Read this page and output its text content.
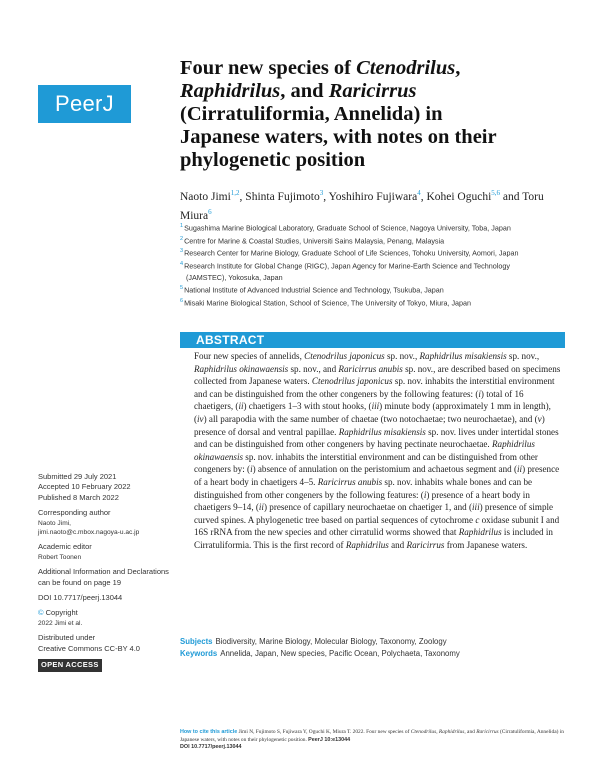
PeerJ
Four new species of Ctenodrilus, Raphidrilus, and Raricirrus (Cirratuliformia, Annelida) in Japanese waters, with notes on their phylogenetic position
Naoto Jimi$^{1,2}$, Shinta Fujimoto$^3$, Yoshihiro Fujiwara$^4$, Kohei Oguchi$^{5,6}$ and Toru Miura$^6$
$^1$Sugashima Marine Biological Laboratory, Graduate School of Science, Nagoya University, Toba, Japan
$^2$Centre for Marine & Coastal Studies, Universiti Sains Malaysia, Penang, Malaysia
$^3$Research Center for Marine Biology, Graduate School of Life Sciences, Tohoku University, Aomori, Japan
$^4$Research Institute for Global Change (RIGC), Japan Agency for Marine-Earth Science and Technology (JAMSTEC), Yokosuka, Japan
$^5$National Institute of Advanced Industrial Science and Technology, Tsukuba, Japan
$^6$Misaki Marine Biological Station, School of Science, The University of Tokyo, Miura, Japan
ABSTRACT
Four new species of annelids, Ctenodrilus japonicus sp. nov., Raphidrilus misakiensis sp. nov., Raphidrilus okinawaensis sp. nov., and Raricirrus anubis sp. nov., are described based on specimens collected from Japanese waters. Ctenodrilus japonicus sp. nov. inhabits the interstitial environment and can be distinguished from the other congeners by the following features: (i) total of 16 chaetigers, (ii) chaetigers 1–3 with stout hooks, (iii) minute body (approximately 1 mm in length), (iv) all parapodia with the same number of chaetae (two notochaetae; two neurochaetae), and (v) presence of dorsal and ventral papillae. Raphidrilus misakiensis sp. nov. lives under intertidal stones and can be distinguished from other congeners by having pectinate neurochaetae. Raphidrilus okinawaensis sp. nov. inhabits the interstitial environment and can be distinguished from other congeners by: (i) absence of annulation on the peristomium and achaetous segment and (ii) presence of a heart body in chaetigers 4–5. Raricirrus anubis sp. nov. inhabits whale bones and can be distinguished from other congeners by the following features: (i) presence of a heart body in chaetigers 9–14, (ii) presence of capillary neurochaetae on chaetiger 1, and (iii) presence of simple curved spines. A phylogenetic tree based on partial sequences of cytochrome c oxidase subunit I and 16S rRNA from the new species and other cirratulid worms showed that Raphidrilus is included in Cirratuliformia. This is the first record of Raphidrilus and Raricirrus from Japanese waters.
Submitted 29 July 2021
Accepted 10 February 2022
Published 8 March 2022
Corresponding author
Naoto Jimi,
jimi.naoto@c.mbox.nagoya-u.ac.jp
Academic editor
Robert Toonen
Additional Information and Declarations can be found on page 19
DOI 10.7717/peerj.13044
© Copyright
2022 Jimi et al.
Distributed under
Creative Commons CC-BY 4.0
OPEN ACCESS
Subjects Biodiversity, Marine Biology, Molecular Biology, Taxonomy, Zoology
Keywords Annelida, Japan, New species, Pacific Ocean, Polychaeta, Taxonomy
How to cite this article Jimi N, Fujimoto S, Fujiwara Y, Oguchi K, Miura T. 2022. Four new species of Ctenodrilus, Raphidrilus, and Raricirrus (Cirratuliformia, Annelida) in Japanese waters, with notes on their phylogenetic position. PeerJ 10:e13044
DOI 10.7717/peerj.13044
